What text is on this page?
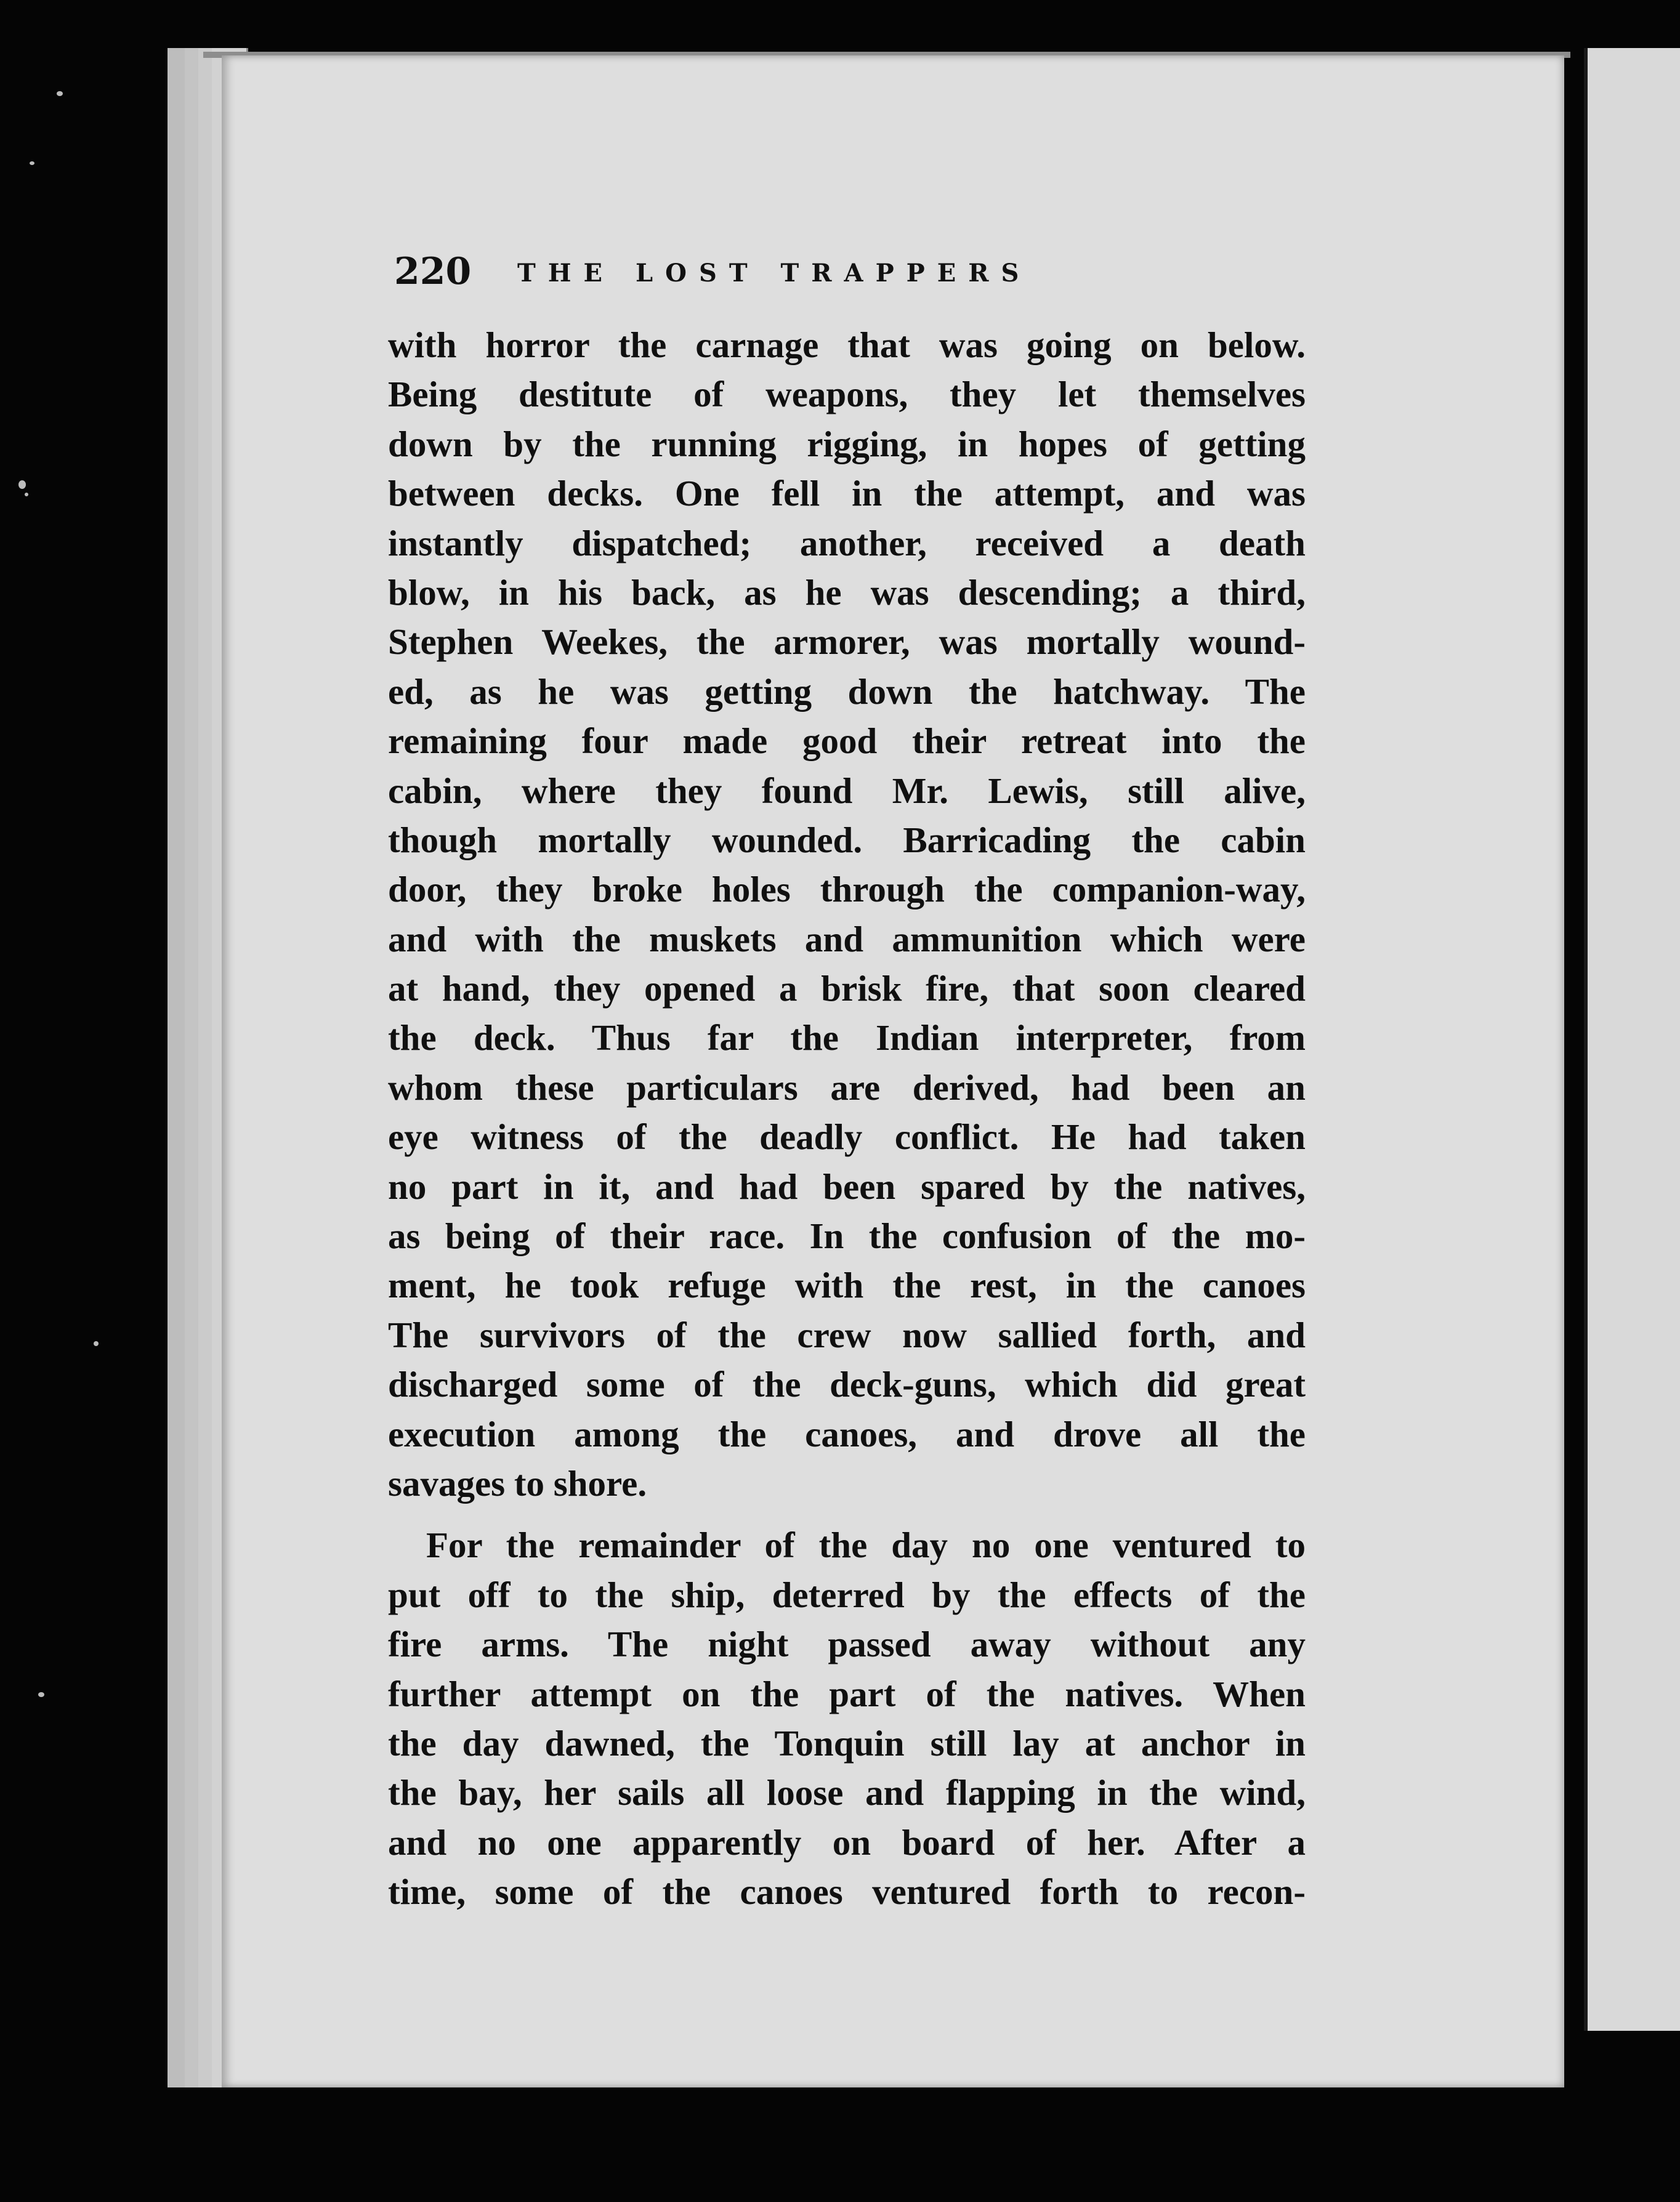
220 THE LOST TRAPPERS
with horror the carnage that was going on below.
Being destitute of weapons, they let themselves
down by the running rigging, in hopes of getting
between decks. One fell in the attempt, and was
instantly dispatched; another, received a death
blow, in his back, as he was descending; a third,
Stephen Weekes, the armorer, was mortally wound-
ed, as he was getting down the hatchway. The
remaining four made good their retreat into the
cabin, where they found Mr. Lewis, still alive,
though mortally wounded. Barricading the cabin
door, they broke holes through the companion-way,
and with the muskets and ammunition which were
at hand, they opened a brisk fire, that soon cleared
the deck. Thus far the Indian interpreter, from
whom these particulars are derived, had been an
eye witness of the deadly conflict. He had taken
no part in it, and had been spared by the natives,
as being of their race. In the confusion of the mo-
ment, he took refuge with the rest, in the canoes
The survivors of the crew now sallied forth, and
discharged some of the deck-guns, which did great
execution among the canoes, and drove all the
savages to shore.
For the remainder of the day no one ventured to
put off to the ship, deterred by the effects of the
fire arms. The night passed away without any
further attempt on the part of the natives. When
the day dawned, the Tonquin still lay at anchor in
the bay, her sails all loose and flapping in the wind,
and no one apparently on board of her. After a
time, some of the canoes ventured forth to recon-
